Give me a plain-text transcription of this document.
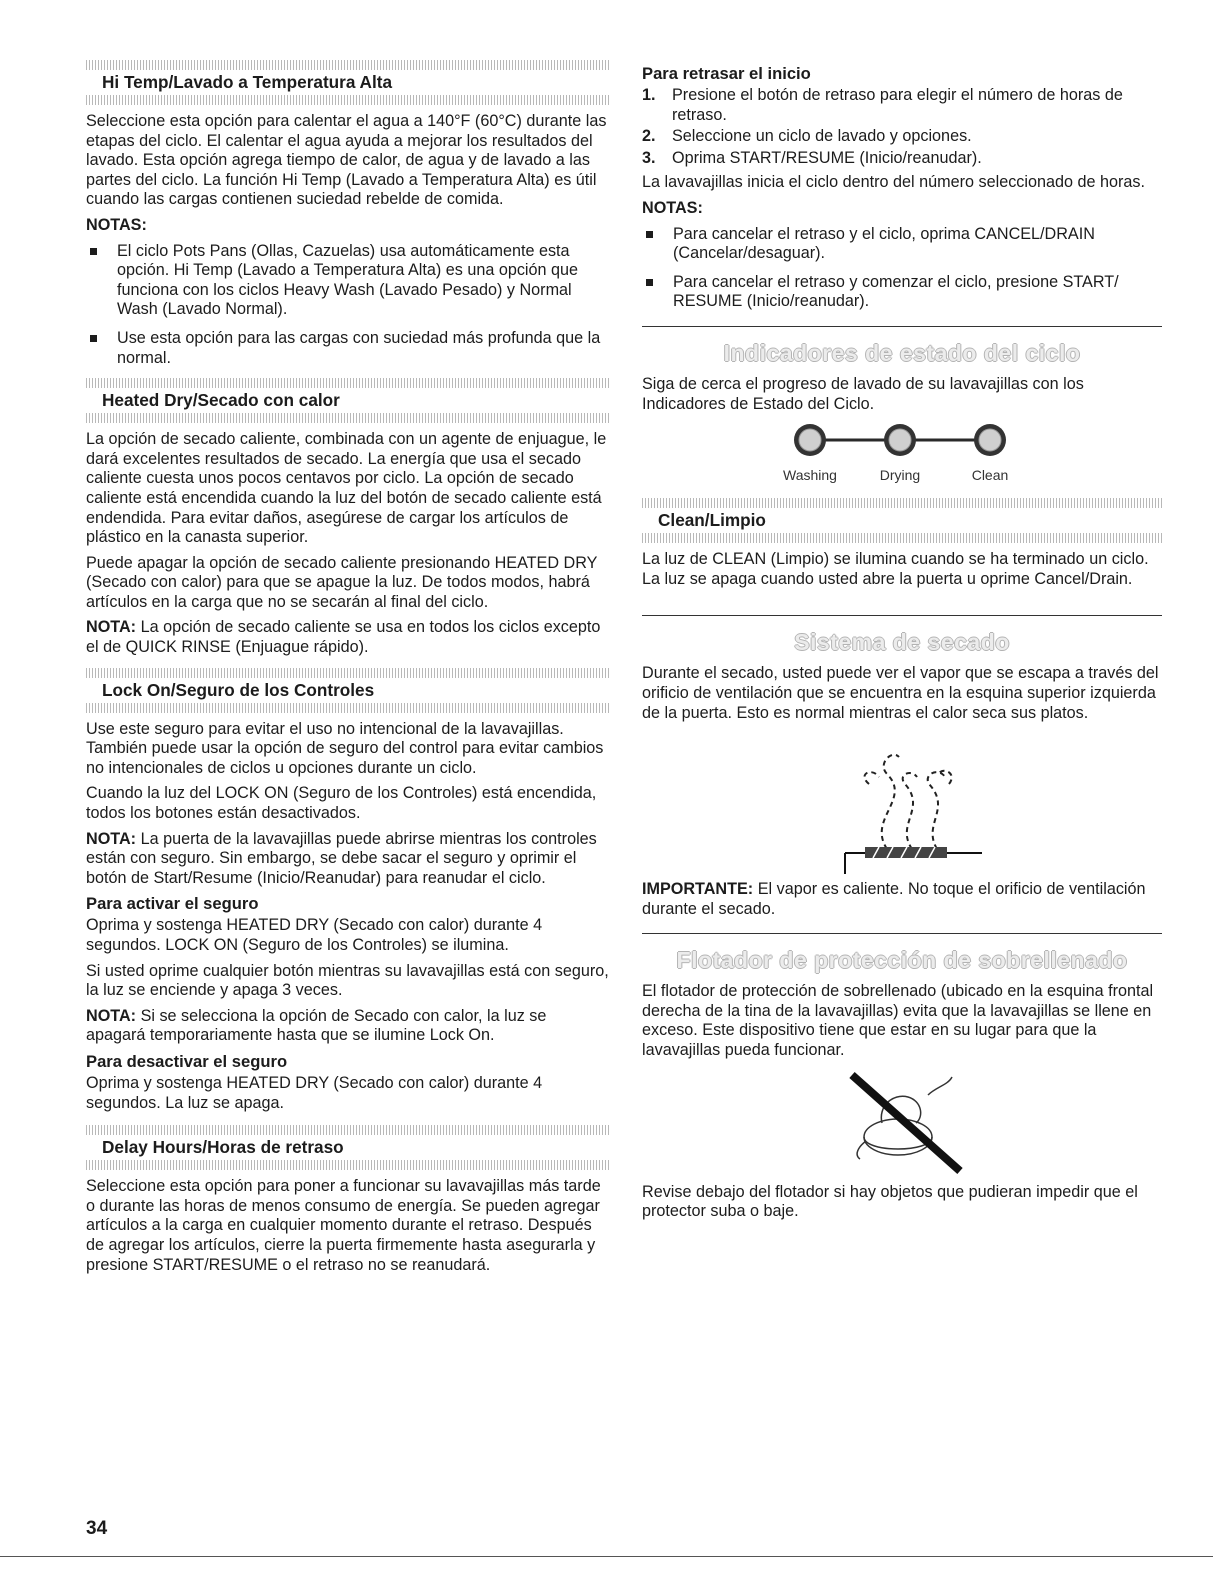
Hi Temp/Lavado a Temperatura Alta

Seleccione esta opción para calentar el agua a 140°F (60°C) durante las etapas del ciclo. El calentar el agua ayuda a mejorar los resultados del lavado. Esta opción agrega tiempo de calor, de agua y de lavado a las partes del ciclo. La función Hi Temp (Lavado a Temperatura Alta) es útil cuando las cargas contienen suciedad rebelde de comida.

NOTAS:

El ciclo Pots Pans (Ollas, Cazuelas) usa automáticamente esta opción. Hi Temp (Lavado a Temperatura Alta) es una opción que funciona con los ciclos Heavy Wash (Lavado Pesado) y Normal Wash (Lavado Normal).
Use esta opción para las cargas con suciedad más profunda que la normal.
Heated Dry/Secado con calor

La opción de secado caliente, combinada con un agente de enjuague, le dará excelentes resultados de secado. La energía que usa el secado caliente cuesta unos pocos centavos por ciclo. La opción de secado caliente está encendida cuando la luz del botón de secado caliente está endendida. Para evitar daños, asegúrese de cargar los artículos de plástico en la canasta superior.

Puede apagar la opción de secado caliente presionando HEATED DRY (Secado con calor) para que se apague la luz. De todos modos, habrá artículos en la carga que no se secarán al final del ciclo.

NOTA: La opción de secado caliente se usa en todos los ciclos excepto el de QUICK RINSE (Enjuague rápido).

Lock On/Seguro de los Controles

Use este seguro para evitar el uso no intencional de la lavavajillas. También puede usar la opción de seguro del control para evitar cambios no intencionales de ciclos u opciones durante un ciclo.

Cuando la luz del LOCK ON (Seguro de los Controles) está encendida, todos los botones están desactivados.

NOTA: La puerta de la lavavajillas puede abrirse mientras los controles están con seguro. Sin embargo, se debe sacar el seguro y oprimir el botón de Start/Resume (Inicio/Reanudar) para reanudar el ciclo.

Para activar el seguro

Oprima y sostenga HEATED DRY (Secado con calor) durante 4 segundos. LOCK ON (Seguro de los Controles) se ilumina.

Si usted oprime cualquier botón mientras su lavavajillas está con seguro, la luz se enciende y apaga 3 veces.

NOTA: Si se selecciona la opción de Secado con calor, la luz se apagará temporariamente hasta que se ilumine Lock On.

Para desactivar el seguro

Oprima y sostenga HEATED DRY (Secado con calor) durante 4 segundos. La luz se apaga.

Delay Hours/Horas de retraso

Seleccione esta opción para poner a funcionar su lavavajillas más tarde o durante las horas de menos consumo de energía. Se pueden agregar artículos a la carga en cualquier momento durante el retraso. Después de agregar los artículos, cierre la puerta firmemente hasta asegurarla y presione START/RESUME o el retraso no se reanudará.

Para retrasar el inicio
1. Presione el botón de retraso para elegir el número de horas de retraso.
2. Seleccione un ciclo de lavado y opciones.
3. Oprima START/RESUME (Inicio/reanudar).

La lavavajillas inicia el ciclo dentro del número seleccionado de horas.

NOTAS:

Para cancelar el retraso y el ciclo, oprima CANCEL/DRAIN (Cancelar/desaguar).
Para cancelar el retraso y comenzar el ciclo, presione START/ RESUME (Inicio/reanudar).
Indicadores de estado del ciclo

Siga de cerca el progreso de lavado de su lavavajillas con los Indicadores de Estado del Ciclo.

Washing	Drying	Clean
Clean/Limpio

La luz de CLEAN (Limpio) se ilumina cuando se ha terminado un ciclo. La luz se apaga cuando usted abre la puerta u oprime Cancel/Drain.

Sistema de secado

Durante el secado, usted puede ver el vapor que se escapa a través del orificio de ventilación que se encuentra en la esquina superior izquierda de la puerta. Esto es normal mientras el calor seca sus platos.

IMPORTANTE: El vapor es caliente. No toque el orificio de ventilación durante el secado.

Flotador de protección de sobrellenado

El flotador de protección de sobrellenado (ubicado en la esquina frontal derecha de la tina de la lavavajillas) evita que la lavavajillas se llene en exceso. Este dispositivo tiene que estar en su lugar para que la lavavajillas pueda funcionar.

Revise debajo del flotador si hay objetos que pudieran impedir que el protector suba o baje.

34
